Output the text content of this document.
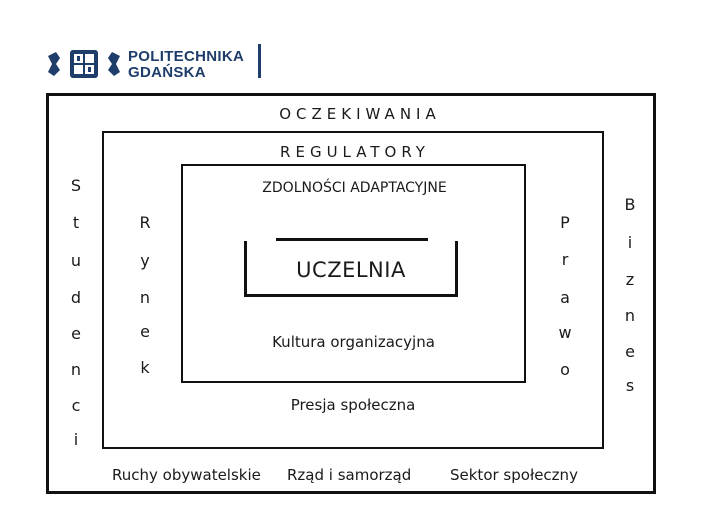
POLITECHNIKA
GDAŃSKA
OCZEKIWANIA
REGULATORY
ZDOLNOŚCI ADAPTACYJNE
UCZELNIA
Kultura organizacyjna
Presja społeczna
Ruchy obywatelskie Rząd i samorząd	Sektor społeczny
S
t
u
d
e
n
c
i
R
y
n
e
k
P
r
a
w
o
B
i
z
n
e
s
